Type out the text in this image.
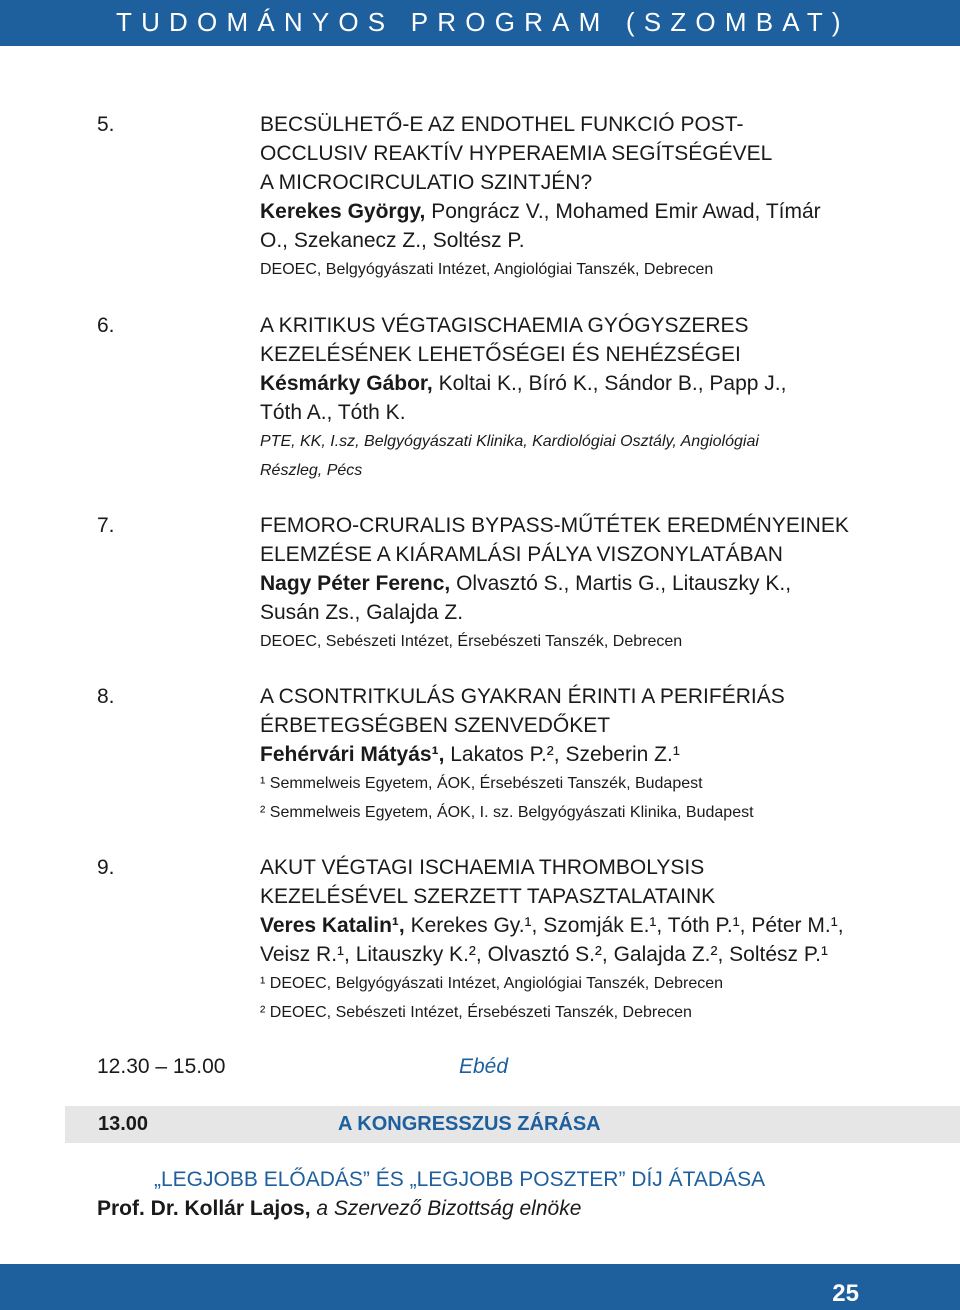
TUDOMÁNYOS PROGRAM (SZOMBAT)
5.	BECSÜLHETŐ-E AZ ENDOTHEL FUNKCIÓ POST-
OCCLUSIV REAKTÍV HYPERAEMIA SEGÍTSÉGÉVEL
A MICROCIRCULATIO SZINTJÉN?
Kerekes György, Pongrácz V., Mohamed Emir Awad, Tímár
O., Szekanecz Z., Soltész P.
DEOEC, Belgyógyászati Intézet, Angiológiai Tanszék, Debrecen
6.	A KRITIKUS VÉGTAGISCHAEMIA GYÓGYSZERES
KEZELÉSÉNEK LEHETŐSÉGEI ÉS NEHÉZSÉGEI
Késmárky Gábor, Koltai K., Bíró K., Sándor B., Papp J.,
Tóth A., Tóth K.
PTE, KK, I.sz, Belgyógyászati Klinika, Kardiológiai Osztály, Angiológiai
Részleg, Pécs
7.	FEMORO-CRURALIS BYPASS-MŰTÉTEK EREDMÉNYEINEK
ELEMZÉSE A KIÁRAMLÁSI PÁLYA VISZONYLATÁBAN
Nagy Péter Ferenc, Olvasztó S., Martis G., Litauszky K.,
Susán Zs., Galajda Z.
DEOEC, Sebészeti Intézet, Érsebészeti Tanszék, Debrecen
8.	A CSONTRITKULÁS GYAKRAN ÉRINTI A PERIFÉRIÁS
ÉRBETEGSÉGBEN SZENVEDŐKET
Fehérvári Mátyás¹, Lakatos P.², Szeberin Z.¹
¹ Semmelweis Egyetem, ÁOK, Érsebészeti Tanszék, Budapest
² Semmelweis Egyetem, ÁOK, I. sz. Belgyógyászati Klinika, Budapest
9.	AKUT VÉGTAGI ISCHAEMIA THROMBOLYSIS
KEZELÉSÉVEL SZERZETT TAPASZTALATAINK
Veres Katalin¹, Kerekes Gy.¹, Szomják E.¹, Tóth P.¹, Péter M.¹,
Veisz R.¹, Litauszky K.², Olvasztó S.², Galajda Z.², Soltész P.¹
¹ DEOEC, Belgyógyászati Intézet, Angiológiai Tanszék, Debrecen
² DEOEC, Sebészeti Intézet, Érsebészeti Tanszék, Debrecen
12.30 – 15.00	Ebéd
13.00	A KONGRESSZUS ZÁRÁSA
„LEGJOBB ELŐADÁS” ÉS „LEGJOBB POSZTER” DÍJ ÁTADÁSA
Prof. Dr. Kollár Lajos, a Szervező Bizottság elnöke
25
